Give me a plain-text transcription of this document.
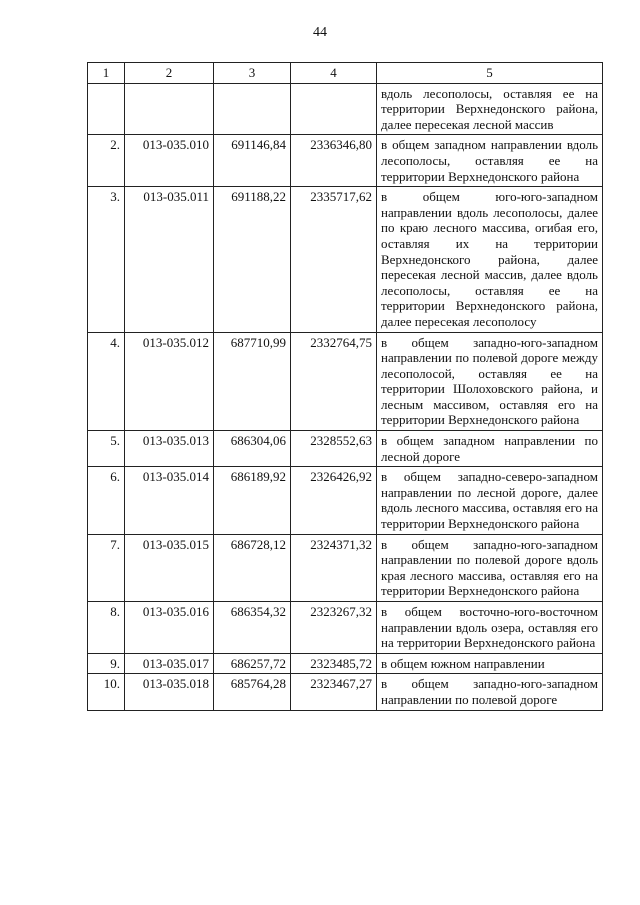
44
1	2	3	4	5
				вдоль лесополосы, оставляя ее на территории Верхнедонского района, далее пересекая лесной массив
2.	013-035.010	691146,84	2336346,80	в общем западном направлении вдоль лесополосы, оставляя ее на территории Верхнедонского района
3.	013-035.011	691188,22	2335717,62	в общем юго-юго-западном направлении вдоль лесополосы, далее по краю лесного массива, огибая его, оставляя их на территории Верхнедонского района, далее пересекая лесной массив, далее вдоль лесополосы, оставляя ее на территории Верхнедонского района, далее пересекая лесополосу
4.	013-035.012	687710,99	2332764,75	в общем западно-юго-западном направлении по полевой дороге между лесополосой, оставляя ее на территории Шолоховского района, и лесным массивом, оставляя его на территории Верхнедонского района
5.	013-035.013	686304,06	2328552,63	в общем западном направлении по лесной дороге
6.	013-035.014	686189,92	2326426,92	в общем западно-северо-западном направлении по лесной дороге, далее вдоль лесного массива, оставляя его на территории Верхнедонского района
7.	013-035.015	686728,12	2324371,32	в общем западно-юго-западном направлении по полевой дороге вдоль края лесного массива, оставляя его на территории Верхнедонского района
8.	013-035.016	686354,32	2323267,32	в общем восточно-юго-восточном направлении вдоль озера, оставляя его на территории Верхнедонского района
9.	013-035.017	686257,72	2323485,72	в общем южном направлении
10.	013-035.018	685764,28	2323467,27	в общем западно-юго-западном направлении по полевой дороге
